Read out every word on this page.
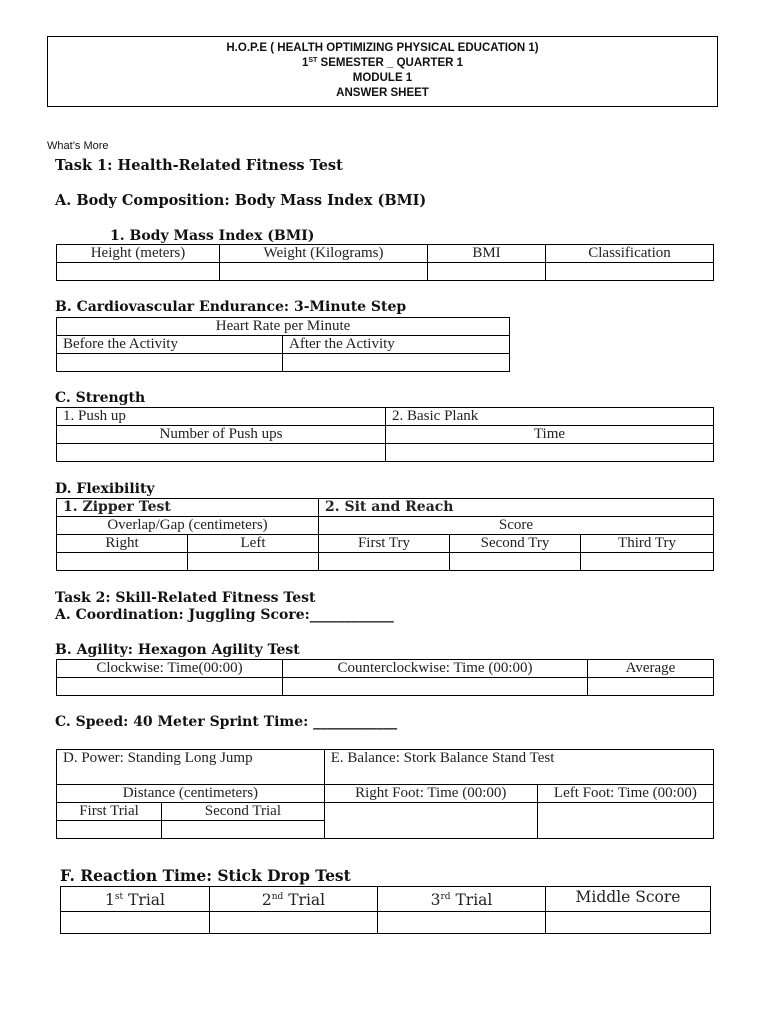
H.O.P.E ( HEALTH OPTIMIZING PHYSICAL EDUCATION 1)
1ST SEMESTER _ QUARTER 1
MODULE 1
ANSWER SHEET
What’s More
Task 1: Health-Related Fitness Test
A. Body Composition: Body Mass Index (BMI)
1. Body Mass Index (BMI)
Height (meters)	Weight (Kilograms)	BMI	Classification

B. Cardiovascular Endurance: 3-Minute Step
Heart Rate per Minute	
Before the Activity	After the Activity

C. Strength
1. Push up	2. Basic Plank
Number of Push ups	Time

D. Flexibility
1. Zipper Test		2. Sit and Reach		
Overlap/Gap (centimeters)		Score		
Right	Left	First Try	Second Try	Third Try

Task 2: Skill-Related Fitness Test
A. Coordination: Juggling Score:____________
B. Agility: Hexagon Agility Test
Clockwise: Time(00:00)	Counterclockwise: Time (00:00)	Average

C. Speed: 40 Meter Sprint Time: ____________
D. Power: Standing Long Jump		E. Balance: Stork Balance Stand Test	
Distance (centimeters)		Right Foot: Time (00:00)	Left Foot: Time (00:00)
First Trial	Second Trial		

F. Reaction Time: Stick Drop Test
1st Trial	2nd Trial	3rd Trial	Middle Score
